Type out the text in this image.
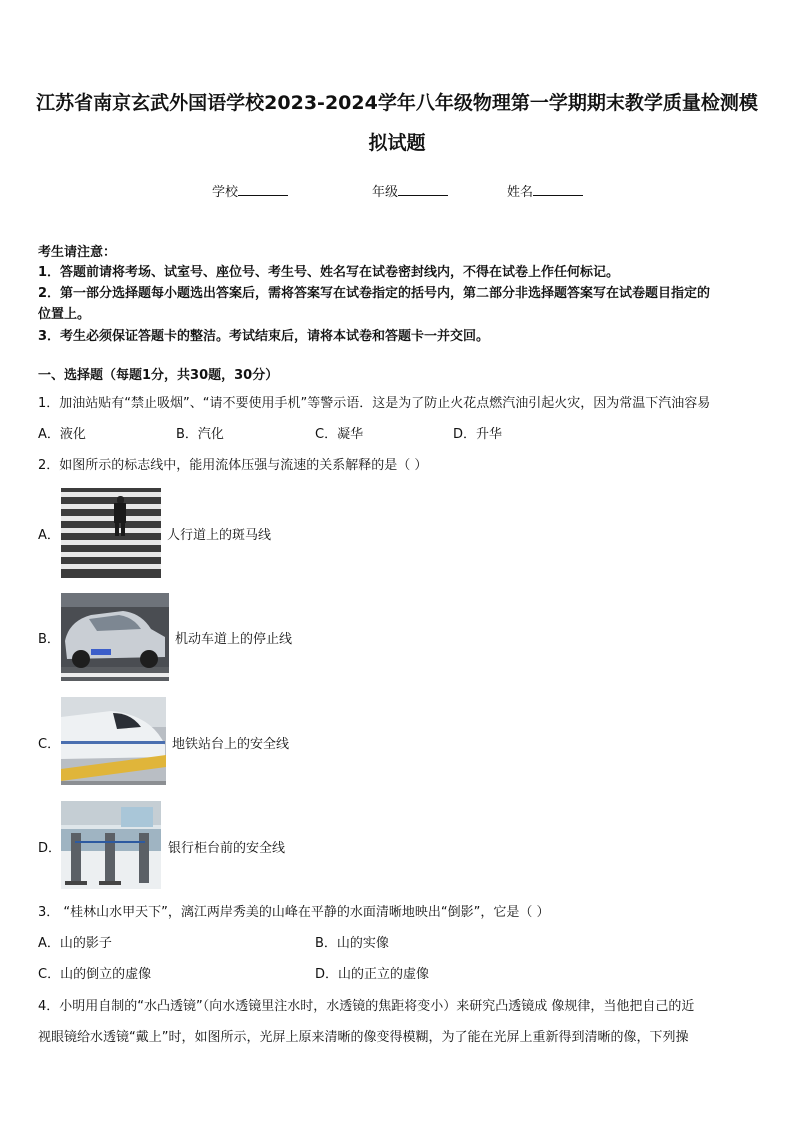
江苏省南京玄武外国语学校2023-2024学年八年级物理第一学期期末教学质量检测模
拟试题
学校	年级	姓名
考生请注意：
1．答题前请将考场、试室号、座位号、考生号、姓名写在试卷密封线内，不得在试卷上作任何标记。
2．第一部分选择题每小题选出答案后，需将答案写在试卷指定的括号内，第二部分非选择题答案写在试卷题目指定的
位置上。
3．考生必须保证答题卡的整洁。考试结束后，请将本试卷和答题卡一并交回。
一、选择题（每题1分，共30题，30分）
1．加油站贴有“禁止吸烟”、“请不要使用手机”等警示语．这是为了防止火花点燃汽油引起火灾，因为常温下汽油容易
A．液化	B．汽化	C．凝华	D．升华
2．如图所示的标志线中，能用流体压强与流速的关系解释的是（ ）
A．	人行道上的斑马线
B．	机动车道上的停止线
C．	地铁站台上的安全线
D．	银行柜台前的安全线
3． “桂林山水甲天下”，漓江两岸秀美的山峰在平静的水面清晰地映出“倒影”，它是（ ）
A．山的影子	B．山的实像
C．山的倒立的虚像	D．山的正立的虚像
4．小明用自制的“水凸透镜”（向水透镜里注水时，水透镜的焦距将变小）来研究凸透镜成 像规律，当他把自己的近
视眼镜给水透镜“戴上”时，如图所示，光屏上原来清晰的像变得模糊，为了能在光屏上重新得到清晰的像，下列操
